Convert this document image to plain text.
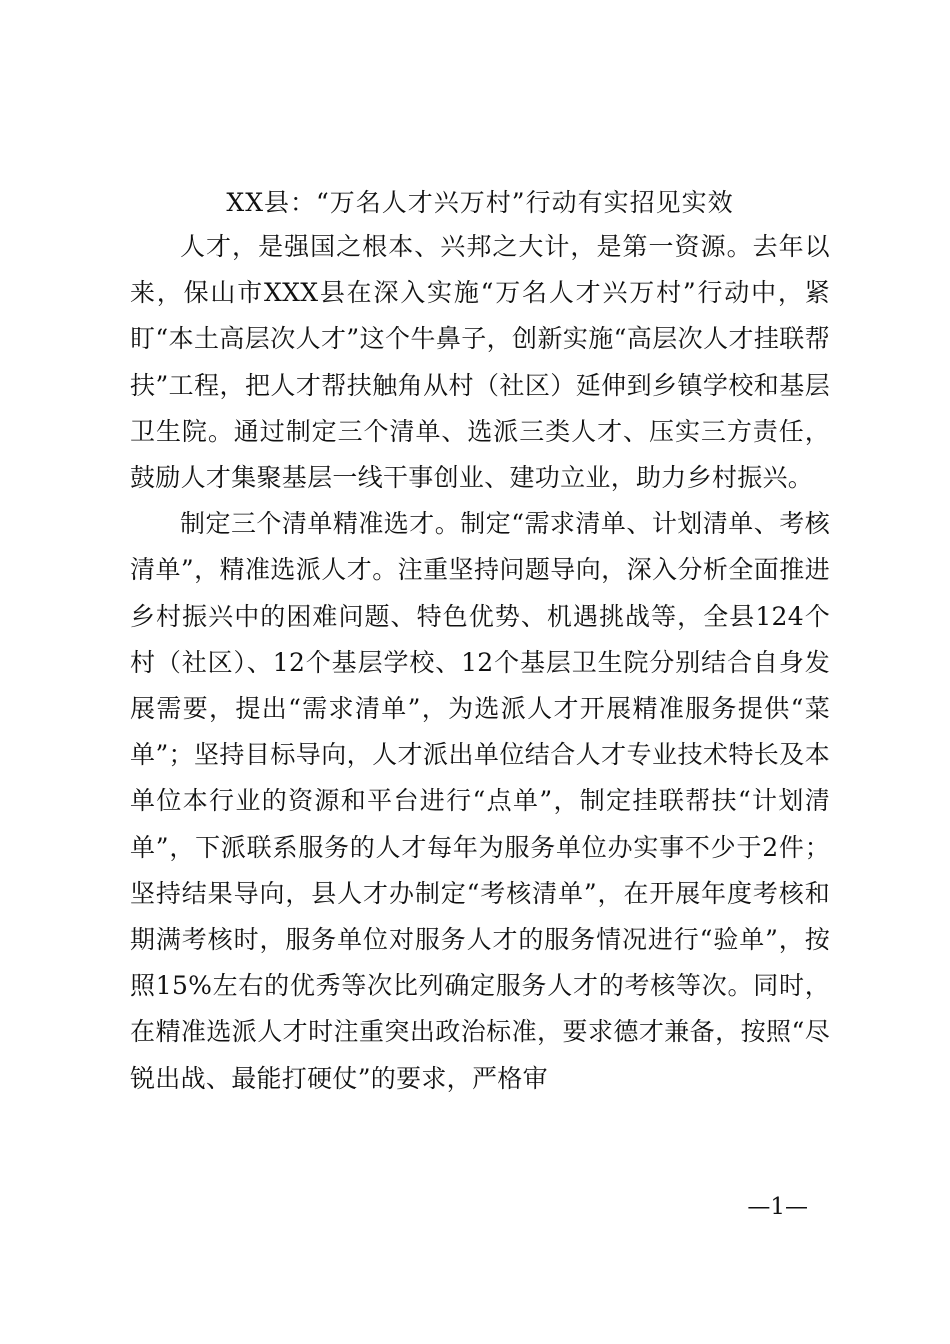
XX县：“万名人才兴万村”行动有实招见实效

人才，是强国之根本、兴邦之大计，是第一资源。去年以来，保山市XXX县在深入实施“万名人才兴万村”行动中，紧盯“本土高层次人才”这个牛鼻子，创新实施“高层次人才挂联帮扶”工程，把人才帮扶触角从村（社区）延伸到乡镇学校和基层卫生院。通过制定三个清单、选派三类人才、压实三方责任，鼓励人才集聚基层一线干事创业、建功立业，助力乡村振兴。

制定三个清单精准选才。制定“需求清单、计划清单、考核清单”，精准选派人才。注重坚持问题导向，深入分析全面推进乡村振兴中的困难问题、特色优势、机遇挑战等，全县124个村（社区）、12个基层学校、12个基层卫生院分别结合自身发展需要，提出“需求清单”，为选派人才开展精准服务提供“菜单”；坚持目标导向，人才派出单位结合人才专业技术特长及本单位本行业的资源和平台进行“点单”，制定挂联帮扶“计划清单”，下派联系服务的人才每年为服务单位办实事不少于2件；坚持结果导向，县人才办制定“考核清单”，在开展年度考核和期满考核时，服务单位对服务人才的服务情况进行“验单”，按照15%左右的优秀等次比列确定服务人才的考核等次。同时，在精准选派人才时注重突出政治标准，要求德才兼备，按照“尽锐出战、最能打硬仗”的要求，严格审

—1—
